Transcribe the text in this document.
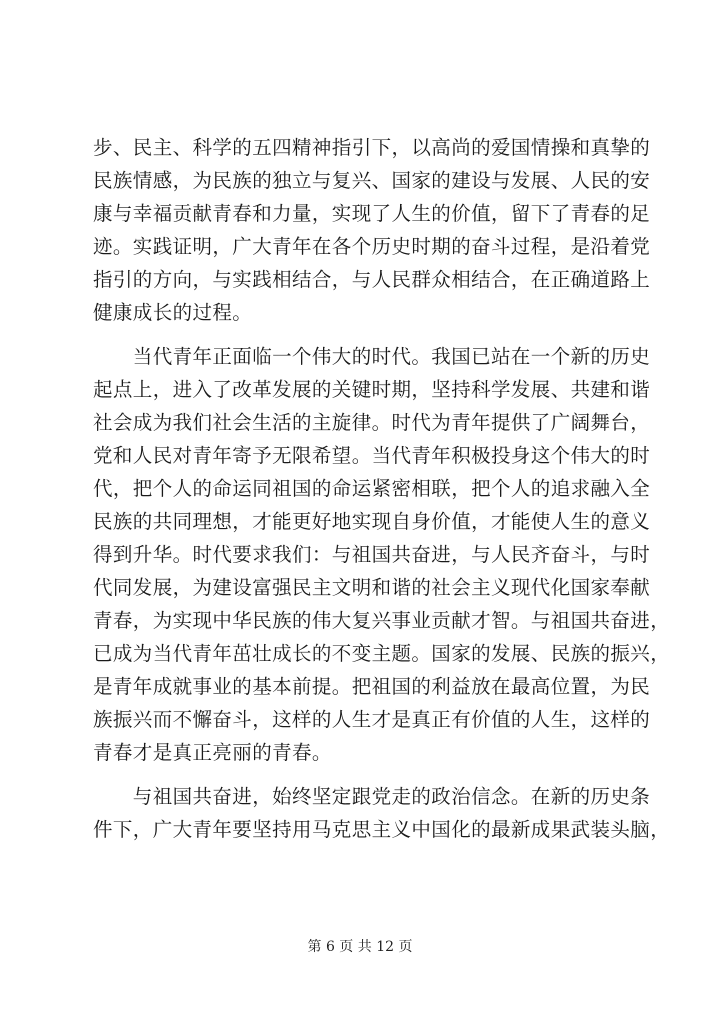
步、民主、科学的五四精神指引下，以高尚的爱国情操和真挚的
民族情感，为民族的独立与复兴、国家的建设与发展、人民的安
康与幸福贡献青春和力量，实现了人生的价值，留下了青春的足
迹。实践证明，广大青年在各个历史时期的奋斗过程，是沿着党
指引的方向，与实践相结合，与人民群众相结合，在正确道路上
健康成长的过程。
　　当代青年正面临一个伟大的时代。我国已站在一个新的历史
起点上，进入了改革发展的关键时期，坚持科学发展、共建和谐
社会成为我们社会生活的主旋律。时代为青年提供了广阔舞台，
党和人民对青年寄予无限希望。当代青年积极投身这个伟大的时
代，把个人的命运同祖国的命运紧密相联，把个人的追求融入全
民族的共同理想，才能更好地实现自身价值，才能使人生的意义
得到升华。时代要求我们：与祖国共奋进，与人民齐奋斗，与时
代同发展，为建设富强民主文明和谐的社会主义现代化国家奉献
青春，为实现中华民族的伟大复兴事业贡献才智。与祖国共奋进，
已成为当代青年茁壮成长的不变主题。国家的发展、民族的振兴，
是青年成就事业的基本前提。把祖国的利益放在最高位置，为民
族振兴而不懈奋斗，这样的人生才是真正有价值的人生，这样的
青春才是真正亮丽的青春。
　　与祖国共奋进，始终坚定跟党走的政治信念。在新的历史条
件下，广大青年要坚持用马克思主义中国化的最新成果武装头脑，
第 6 页 共 12 页
